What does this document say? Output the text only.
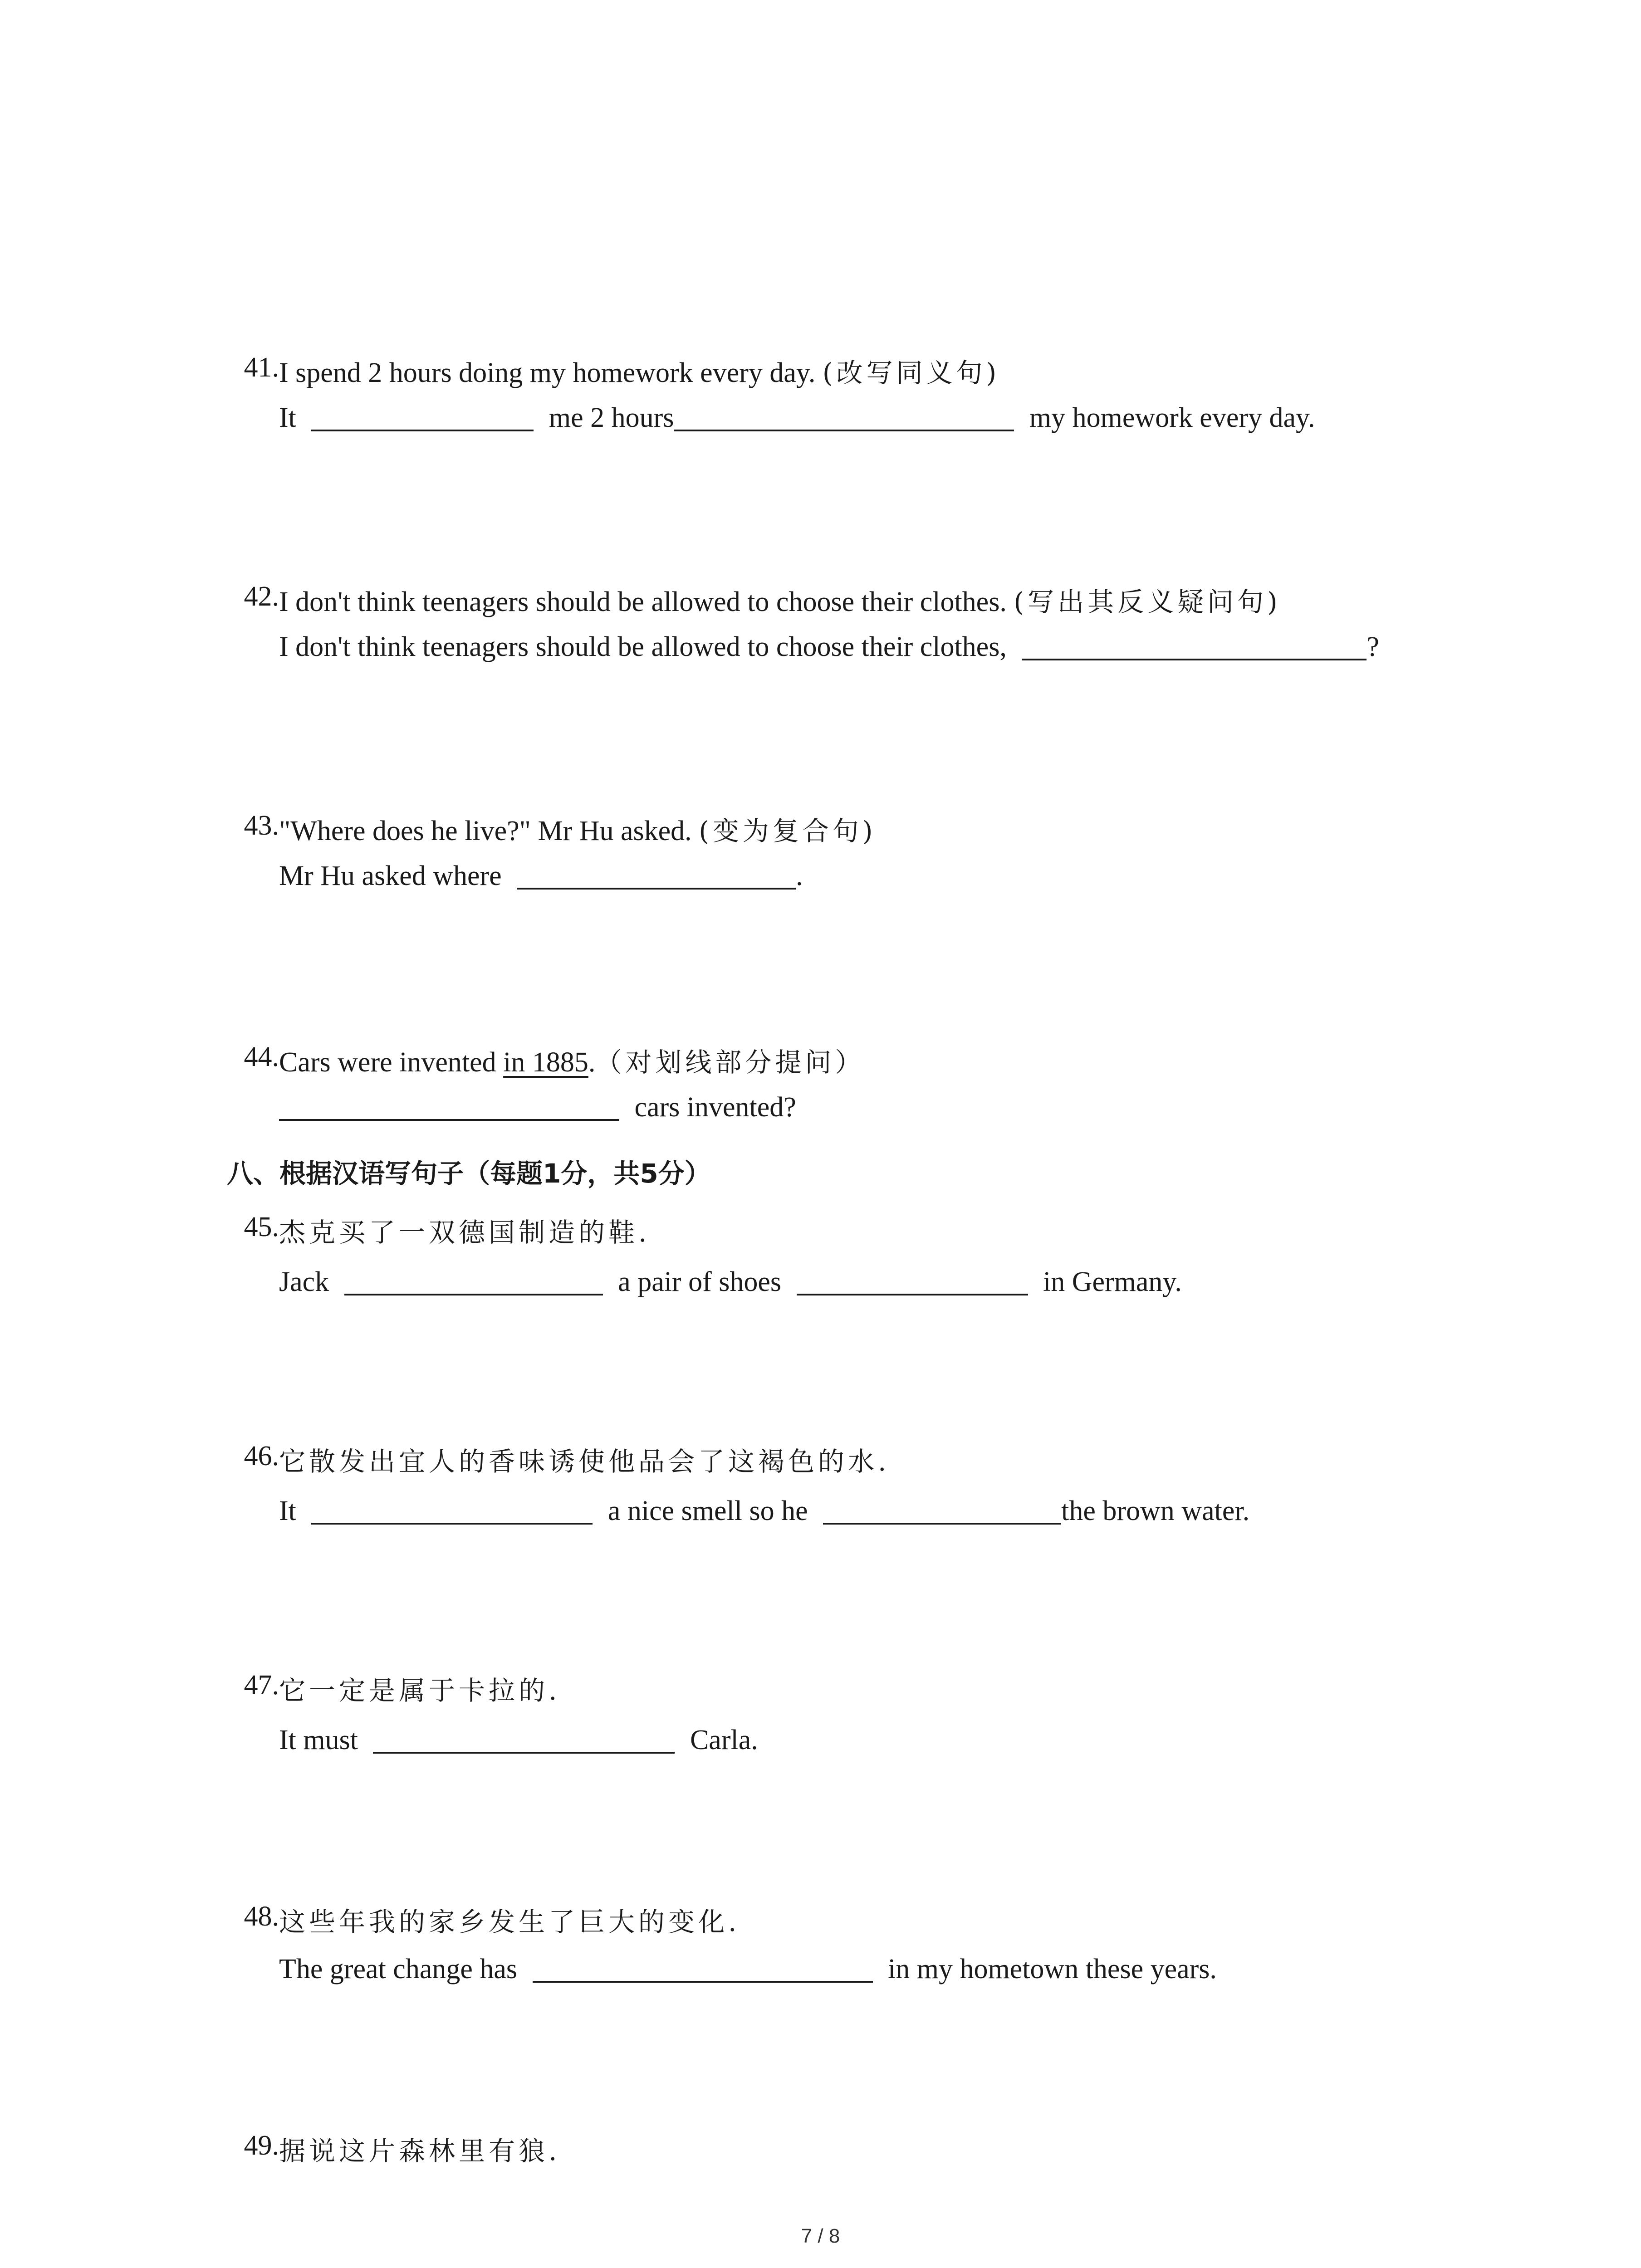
41. I spend 2 hours doing my homework every day. (改写同义句)
It	me 2 hours	my homework every day.
42. I don't think teenagers should be allowed to choose their clothes. (写出其反义疑问句)
I don't think teenagers should be allowed to choose their clothes,	?
43. "Where does he live?" Mr Hu asked. (变为复合句)
Mr Hu asked where	.
44. Cars were invented in 1885.（对划线部分提问）
cars invented?
八、根据汉语写句子（每题1分，共5分）
45. 杰克买了一双德国制造的鞋.
Jack	a pair of shoes	in Germany.
46. 它散发出宜人的香味诱使他品会了这褐色的水.
It	a nice smell so he	the brown water.
47. 它一定是属于卡拉的.
It must	Carla.
48. 这些年我的家乡发生了巨大的变化.
The great change has	in my hometown these years.
49. 据说这片森林里有狼.
7 / 8
